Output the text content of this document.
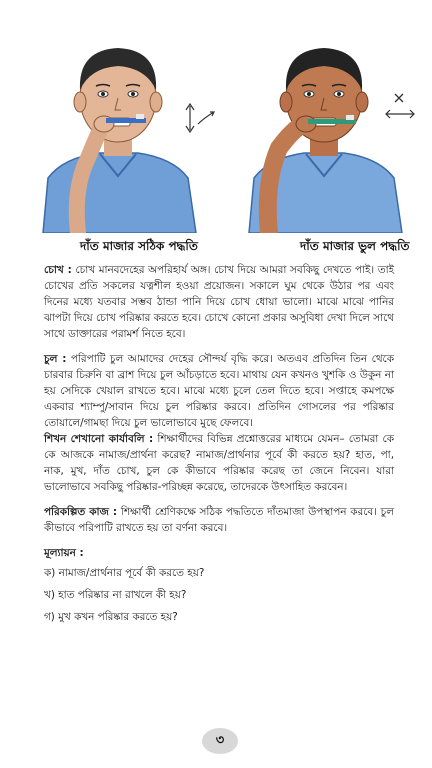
দাঁত মাজার সঠিক পদ্ধতি	দাঁত মাজার ভুল পদ্ধতি

চোখ : চোখ মানবদেহের অপরিহার্য অঙ্গ। চোখ দিয়ে আমরা সবকিছু দেখতে পাই। তাই চোখের প্রতি সকলের যত্নশীল হওয়া প্রয়োজন। সকালে ঘুম থেকে উঠার পর এবং দিনের মধ্যে যতবার সম্ভব ঠান্ডা পানি দিয়ে চোখ ধোয়া ভালো। মাঝে মাঝে পানির ঝাপটা দিয়ে চোখ পরিষ্কার করতে হবে। চোখে কোনো প্রকার অসুবিধা দেখা দিলে সাথে সাথে ডাক্তারের পরামর্শ নিতে হবে।

চুল : পরিপাটি চুল আমাদের দেহের সৌন্দর্য বৃদ্ধি করে। অতএব প্রতিদিন তিন থেকে চারবার চিরুনি বা ব্রাশ দিয়ে চুল আঁচড়াতে হবে। মাথায় যেন কখনও খুশকি ও উকুন না হয় সেদিকে খেয়াল রাখতে হবে। মাঝে মধ্যে চুলে তেল দিতে হবে। সপ্তাহে কমপক্ষে একবার শ্যাম্পু/সাবান দিয়ে চুল পরিষ্কার করবে। প্রতিদিন গোসলের পর পরিষ্কার তোয়ালে/গামছা দিয়ে চুল ভালোভাবে মুছে ফেলবে।

শিখন শেখানো কার্যাবলি : শিক্ষার্থীদের বিভিন্ন প্রশ্নোত্তরের মাধ্যমে যেমন– তোমরা কে কে আজকে নামাজ/প্রার্থনা করেছ? নামাজ/প্রার্থনার পূর্বে কী করতে হয়? হাত, পা, নাক, মুখ, দাঁত চোখ, চুল কে কীভাবে পরিষ্কার করেছ তা জেনে নিবেন। যারা ভালোভাবে সবকিছু পরিষ্কার-পরিচ্ছন্ন করেছে, তাদেরকে উৎসাহিত করবেন।

পরিকল্পিত কাজ : শিক্ষার্থী শ্রেণিকক্ষে সঠিক পদ্ধতিতে দাঁতমাজা উপস্থাপন করবে। চুল কীভাবে পরিপাটি রাখতে হয় তা বর্ণনা করবে।

মূল্যায়ন :
ক) নামাজ/প্রার্থনার পূর্বে কী করতে হয়?
খ) হাত পরিষ্কার না রাখলে কী হয়?
গ) মুখ কখন পরিষ্কার করতে হয়?
৩
